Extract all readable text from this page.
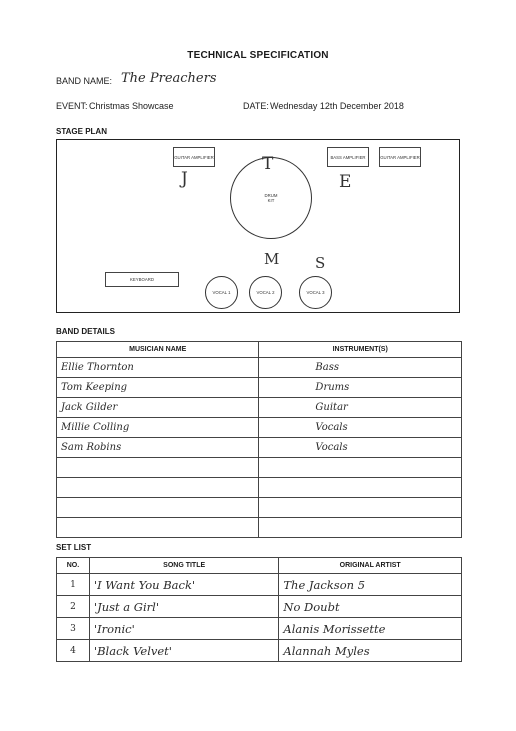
TECHNICAL SPECIFICATION
BAND NAME: The Preachers
EVENT: Christmas Showcase	DATE: Wednesday 12th December 2018
STAGE PLAN
GUITAR AMPLIFIER	BASS AMPLIFIER	GUITAR AMPLIFIER
J
T
E
DRUM KIT
M S
KEYBOARD
VOCAL 1	VOCAL 2	VOCAL 3
BAND DETAILS
MUSICIAN NAME	INSTRUMENT(S)
Ellie Thornton	Bass
Tom Keeping	Drums
Jack Gilder	Guitar
Millie Colling	Vocals
Sam Robins	Vocals

SET LIST
NO.	SONG TITLE	ORIGINAL ARTIST
1	'I Want You Back'	The Jackson 5
2	'Just a Girl'	No Doubt
3	'Ironic'	Alanis Morissette
4	'Black Velvet'	Alannah Myles
